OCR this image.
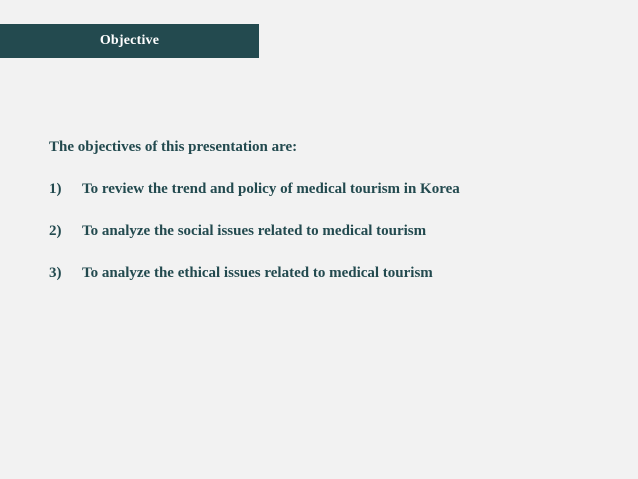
Objective

The objectives of this presentation are:

1)	To review the trend and policy of medical tourism in Korea
2)	To analyze the social issues related to medical tourism
3)	To analyze the ethical issues related to medical tourism
